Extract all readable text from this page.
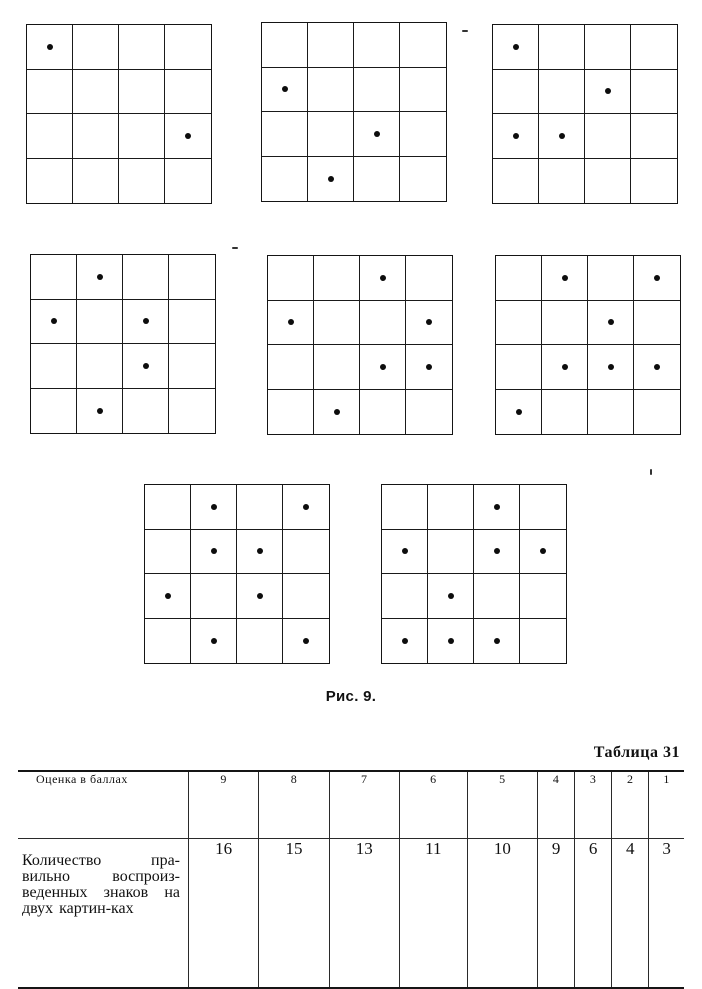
Рис. 9.
Таблица 31
Оценка в баллах	9	8	7	6	5	4	3	2	1
Количество пра-вильно воспроиз-веденных знаков на двух картин-ках	16	15	13	11	10	9	6	4	3
